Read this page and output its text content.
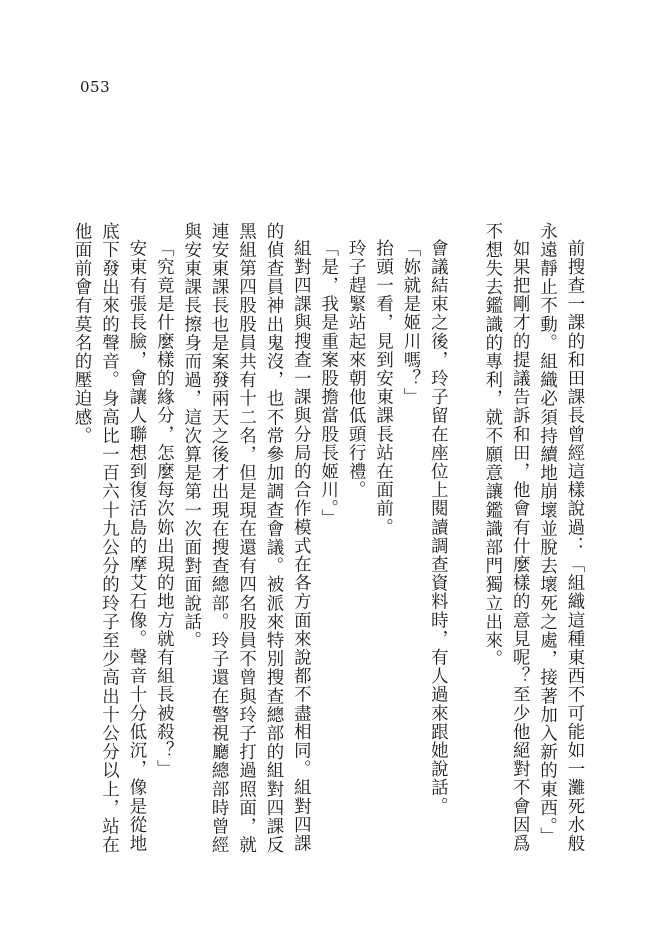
053

前搜查一課的和田課長曾經這樣說過：「組織這種東西不可能如一灘死水般永遠靜止不動。組織必須持續地崩壞並脫去壞死之處，接著加入新的東西。」

如果把剛才的提議告訴和田，他會有什麼樣的意見呢？至少他絕對不會因爲不想失去鑑識的專利，就不願意讓鑑識部門獨立出來。

會議結束之後，玲子留在座位上閱讀調查資料時，有人過來跟她說話。

「妳就是姬川嗎？」

抬頭一看，見到安東課長站在面前。

玲子趕緊站起來朝他低頭行禮。

「是，我是重案股擔當股長姬川。」

組對四課與搜查一課與分局的合作模式在各方面來說都不盡相同。組對四課的偵查員神出鬼沒，也不常參加調查會議。被派來特別搜查總部的組對四課反黑組第四股股員共有十二名，但是現在還有四名股員不曾與玲子打過照面，就連安東課長也是案發兩天之後才出現在搜查總部。玲子還在警視廳總部時曾經與安東課長擦身而過，這次算是第一次面對面說話。

「究竟是什麼樣的緣分，怎麼每次妳出現的地方就有組長被殺？」

安東有張長臉，會讓人聯想到復活島的摩艾石像。聲音十分低沉，像是從地底下發出來的聲音。身高比一百六十九公分的玲子至少高出十公分以上，站在他面前會有莫名的壓迫感。
